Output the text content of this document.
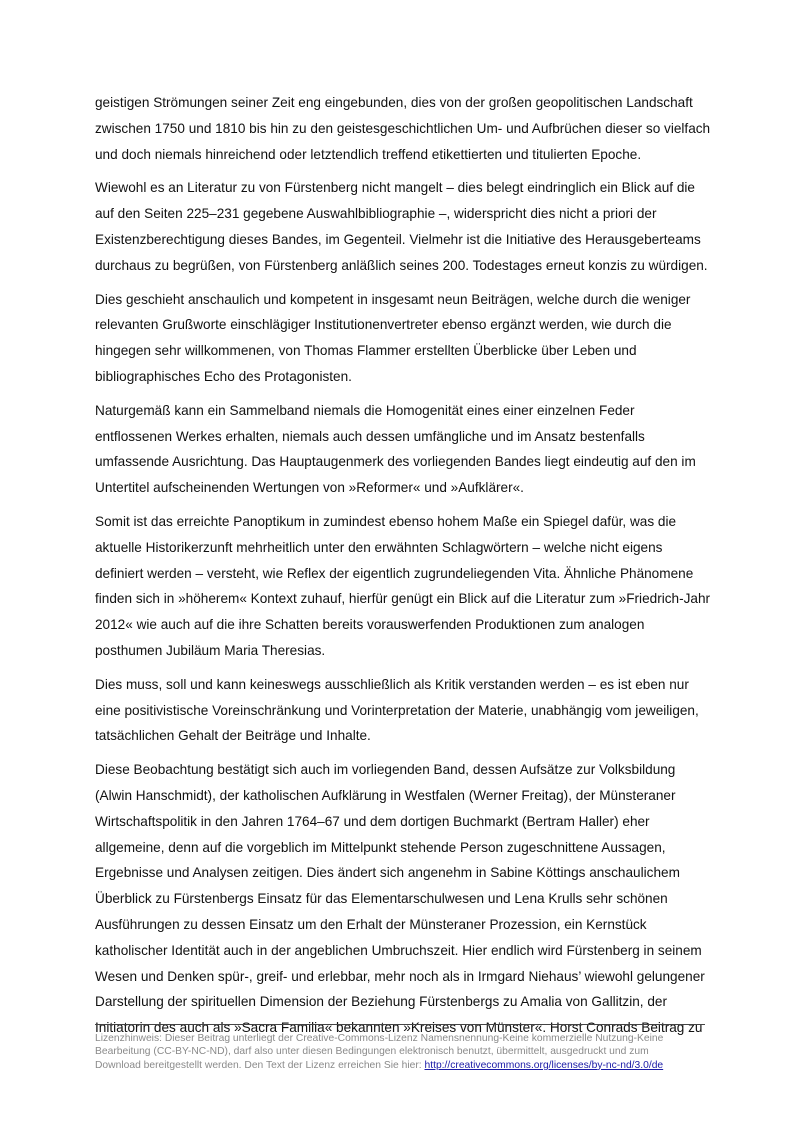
geistigen Strömungen seiner Zeit eng eingebunden, dies von der großen geopolitischen Landschaft
zwischen 1750 und 1810 bis hin zu den geistesgeschichtlichen Um- und Aufbrüchen dieser so vielfach
und doch niemals hinreichend oder letztendlich treffend etikettierten und titulierten Epoche.

Wiewohl es an Literatur zu von Fürstenberg nicht mangelt – dies belegt eindringlich ein Blick auf die
auf den Seiten 225–231 gegebene Auswahlbibliographie –, widerspricht dies nicht a priori der
Existenzberechtigung dieses Bandes, im Gegenteil. Vielmehr ist die Initiative des Herausgeberteams
durchaus zu begrüßen, von Fürstenberg anläßlich seines 200. Todestages erneut konzis zu würdigen.

Dies geschieht anschaulich und kompetent in insgesamt neun Beiträgen, welche durch die weniger
relevanten Grußworte einschlägiger Institutionenvertreter ebenso ergänzt werden, wie durch die
hingegen sehr willkommenen, von Thomas Flammer erstellten Überblicke über Leben und
bibliographisches Echo des Protagonisten.

Naturgemäß kann ein Sammelband niemals die Homogenität eines einer einzelnen Feder
entflossenen Werkes erhalten, niemals auch dessen umfängliche und im Ansatz bestenfalls
umfassende Ausrichtung. Das Hauptaugenmerk des vorliegenden Bandes liegt eindeutig auf den im
Untertitel aufscheinenden Wertungen von »Reformer« und »Aufklärer«.

Somit ist das erreichte Panoptikum in zumindest ebenso hohem Maße ein Spiegel dafür, was die
aktuelle Historikerzunft mehrheitlich unter den erwähnten Schlagwörtern – welche nicht eigens
definiert werden – versteht, wie Reflex der eigentlich zugrundeliegenden Vita. Ähnliche Phänomene
finden sich in »höherem« Kontext zuhauf, hierfür genügt ein Blick auf die Literatur zum »Friedrich-Jahr
2012« wie auch auf die ihre Schatten bereits vorauswerfenden Produktionen zum analogen
posthumen Jubiläum Maria Theresias.

Dies muss, soll und kann keineswegs ausschließlich als Kritik verstanden werden – es ist eben nur
eine positivistische Voreinschränkung und Vorinterpretation der Materie, unabhängig vom jeweiligen,
tatsächlichen Gehalt der Beiträge und Inhalte.

Diese Beobachtung bestätigt sich auch im vorliegenden Band, dessen Aufsätze zur Volksbildung
(Alwin Hanschmidt), der katholischen Aufklärung in Westfalen (Werner Freitag), der Münsteraner
Wirtschaftspolitik in den Jahren 1764–67 und dem dortigen Buchmarkt (Bertram Haller) eher
allgemeine, denn auf die vorgeblich im Mittelpunkt stehende Person zugeschnittene Aussagen,
Ergebnisse und Analysen zeitigen. Dies ändert sich angenehm in Sabine Köttings anschaulichem
Überblick zu Fürstenbergs Einsatz für das Elementarschulwesen und Lena Krulls sehr schönen
Ausführungen zu dessen Einsatz um den Erhalt der Münsteraner Prozession, ein Kernstück
katholischer Identität auch in der angeblichen Umbruchszeit. Hier endlich wird Fürstenberg in seinem
Wesen und Denken spür-, greif- und erlebbar, mehr noch als in Irmgard Niehaus’ wiewohl gelungener
Darstellung der spirituellen Dimension der Beziehung Fürstenbergs zu Amalia von Gallitzin, der
Initiatorin des auch als »Sacra Familia« bekannten »Kreises von Münster«. Horst Conrads Beitrag zu

Lizenzhinweis: Dieser Beitrag unterliegt der Creative-Commons-Lizenz Namensnennung-Keine kommerzielle Nutzung-Keine
Bearbeitung (CC-BY-NC-ND), darf also unter diesen Bedingungen elektronisch benutzt, übermittelt, ausgedruckt und zum
Download bereitgestellt werden. Den Text der Lizenz erreichen Sie hier: http://creativecommons.org/licenses/by-nc-nd/3.0/de
